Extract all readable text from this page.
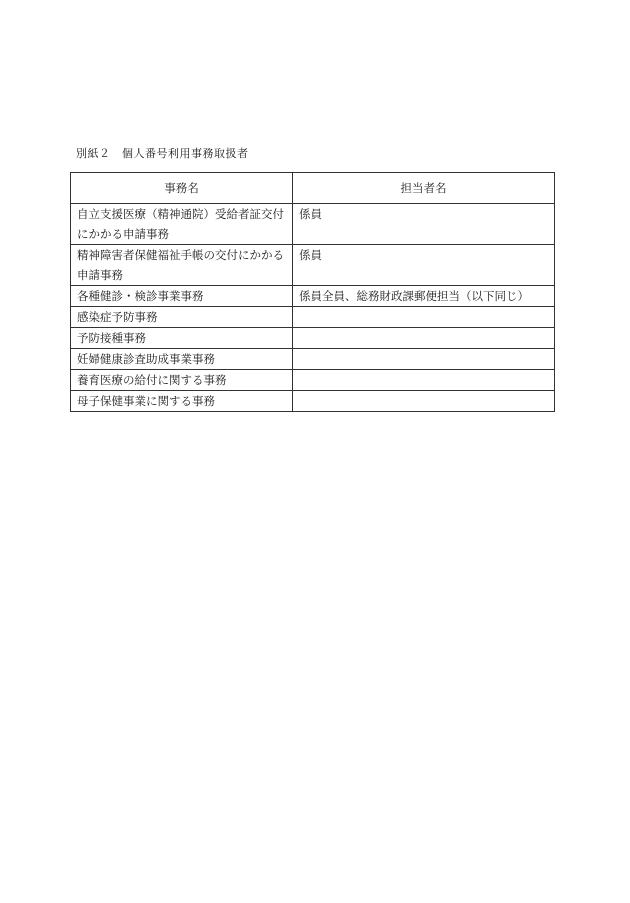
別紙２　個人番号利用事務取扱者
事務名	担当者名
自立支援医療（精神通院）受給者証交付にかかる申請事務	係員
精神障害者保健福祉手帳の交付にかかる申請事務	係員
各種健診・検診事業事務	係員全員、総務財政課郵便担当（以下同じ）
感染症予防事務	
予防接種事務	
妊婦健康診査助成事業事務	
養育医療の給付に関する事務	
母子保健事業に関する事務	
